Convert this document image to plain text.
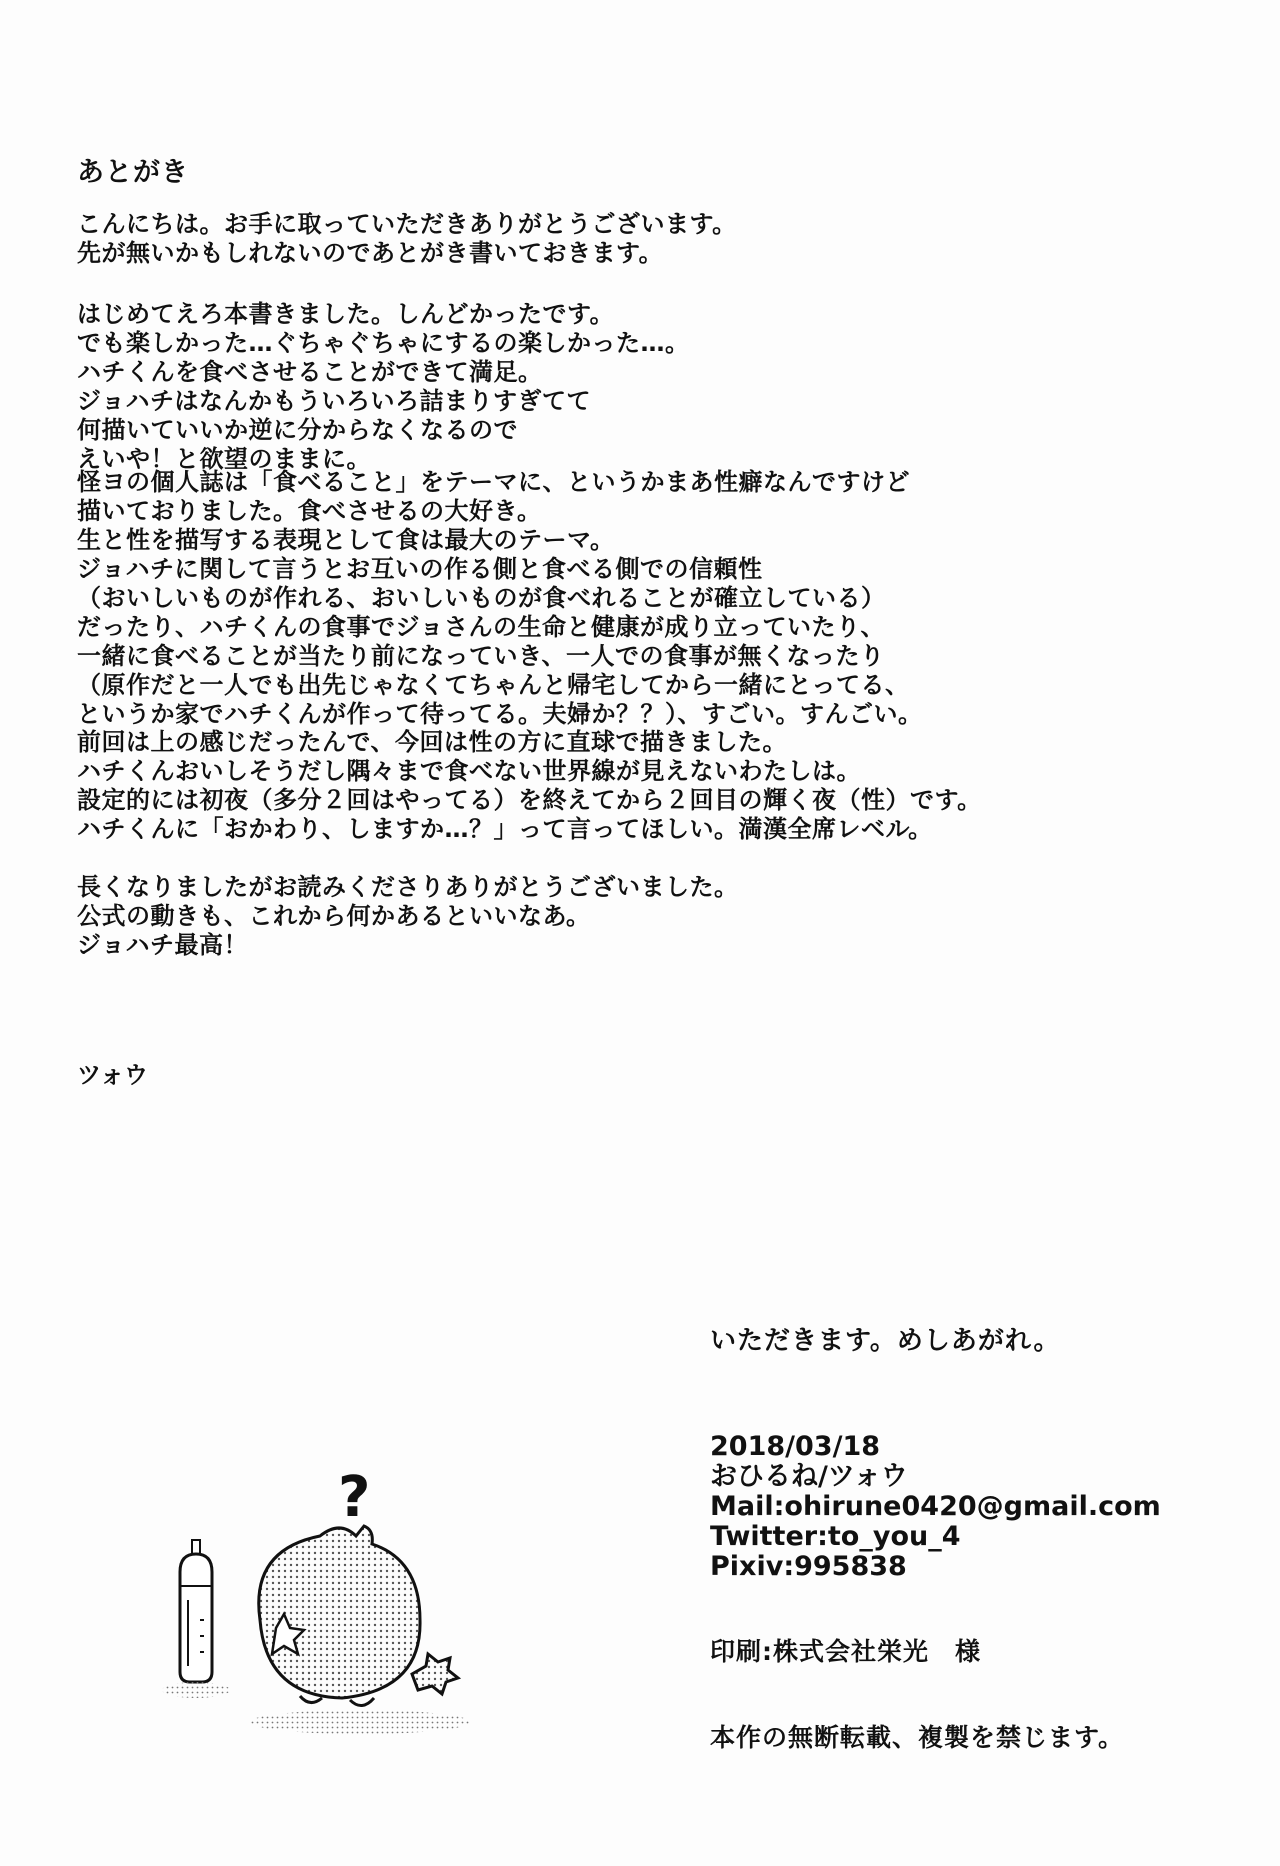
あとがき
こんにちは。お手に取っていただきありがとうございます。
先が無いかもしれないのであとがき書いておきます。
はじめてえろ本書きました。しんどかったです。
でも楽しかった…ぐちゃぐちゃにするの楽しかった…。
ハチくんを食べさせることができて満足。
ジョハチはなんかもういろいろ詰まりすぎてて
何描いていいか逆に分からなくなるので
えいや！と欲望のままに。
怪ヨの個人誌は「食べること」をテーマに、というかまあ性癖なんですけど
描いておりました。食べさせるの大好き。
生と性を描写する表現として食は最大のテーマ。
ジョハチに関して言うとお互いの作る側と食べる側での信頼性
（おいしいものが作れる、おいしいものが食べれることが確立している）
だったり、ハチくんの食事でジョさんの生命と健康が成り立っていたり、
一緒に食べることが当たり前になっていき、一人での食事が無くなったり
（原作だと一人でも出先じゃなくてちゃんと帰宅してから一緒にとってる、
というか家でハチくんが作って待ってる。夫婦か？？）、すごい。すんごい。
前回は上の感じだったんで、今回は性の方に直球で描きました。
ハチくんおいしそうだし隅々まで食べない世界線が見えないわたしは。
設定的には初夜（多分２回はやってる）を終えてから２回目の輝く夜（性）です。
ハチくんに「おかわり、しますか…？」って言ってほしい。満漢全席レベル。
長くなりましたがお読みくださりありがとうございました。
公式の動きも、これから何かあるといいなあ。
ジョハチ最高！
ツォウ
いただきます。めしあがれ。
2018/03/18
おひるね/ツォウ
Mail:ohirune0420@gmail.com
Twitter:to_you_4
Pixiv:995838
印刷:株式会社栄光　様
本作の無断転載、複製を禁じます。
?
